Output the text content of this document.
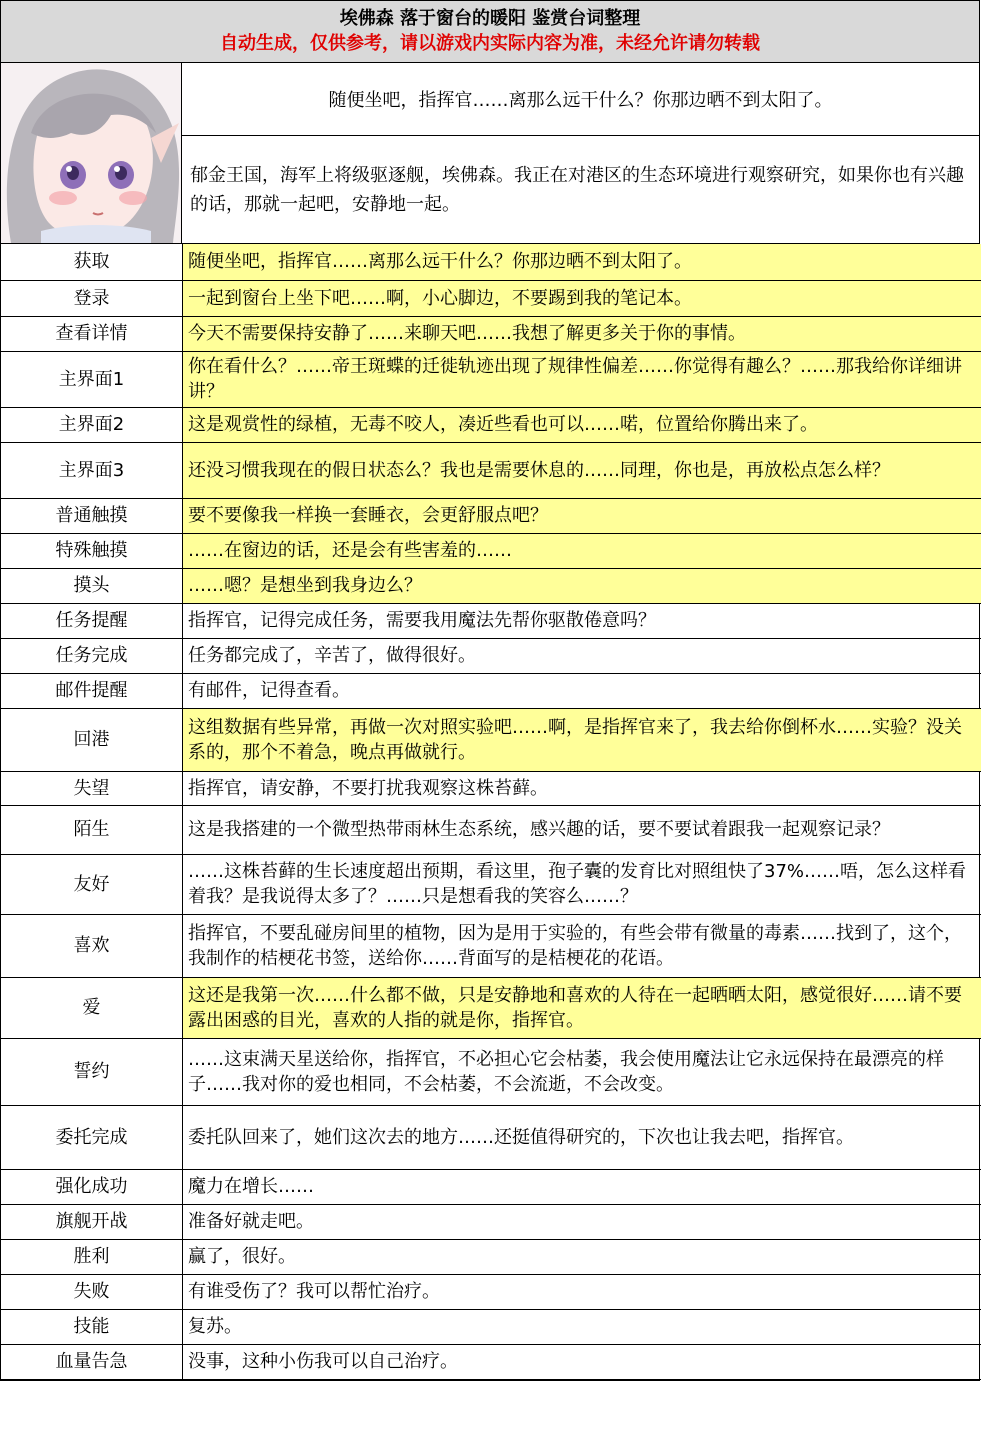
埃佛森 落于窗台的暖阳 鉴赏台词整理
自动生成，仅供参考，请以游戏内实际内容为准，未经允许请勿转载
随便坐吧，指挥官……离那么远干什么？你那边晒不到太阳了。
郁金王国，海军上将级驱逐舰，埃佛森。我正在对港区的生态环境进行观察研究，如果你也有兴趣的话，那就一起吧，安静地一起。
获取	随便坐吧，指挥官……离那么远干什么？你那边晒不到太阳了。
登录	一起到窗台上坐下吧……啊，小心脚边，不要踢到我的笔记本。
查看详情	今天不需要保持安静了……来聊天吧……我想了解更多关于你的事情。
主界面1	你在看什么？……帝王斑蝶的迁徙轨迹出现了规律性偏差……你觉得有趣么？……那我给你详细讲讲？
主界面2	这是观赏性的绿植，无毒不咬人，凑近些看也可以……喏，位置给你腾出来了。
主界面3	还没习惯我现在的假日状态么？我也是需要休息的……同理，你也是，再放松点怎么样？
普通触摸	要不要像我一样换一套睡衣，会更舒服点吧？
特殊触摸	……在窗边的话，还是会有些害羞的……
摸头	……嗯？是想坐到我身边么？
任务提醒	指挥官，记得完成任务，需要我用魔法先帮你驱散倦意吗？
任务完成	任务都完成了，辛苦了，做得很好。
邮件提醒	有邮件，记得查看。
回港	这组数据有些异常，再做一次对照实验吧……啊，是指挥官来了，我去给你倒杯水……实验？没关系的，那个不着急，晚点再做就行。
失望	指挥官，请安静，不要打扰我观察这株苔藓。
陌生	这是我搭建的一个微型热带雨林生态系统，感兴趣的话，要不要试着跟我一起观察记录？
友好	……这株苔藓的生长速度超出预期，看这里，孢子囊的发育比对照组快了37%……唔，怎么这样看着我？是我说得太多了？……只是想看我的笑容么……？
喜欢	指挥官，不要乱碰房间里的植物，因为是用于实验的，有些会带有微量的毒素……找到了，这个，我制作的桔梗花书签，送给你……背面写的是桔梗花的花语。
爱	这还是我第一次……什么都不做，只是安静地和喜欢的人待在一起晒晒太阳，感觉很好……请不要露出困惑的目光，喜欢的人指的就是你，指挥官。
誓约	……这束满天星送给你，指挥官，不必担心它会枯萎，我会使用魔法让它永远保持在最漂亮的样子……我对你的爱也相同，不会枯萎，不会流逝，不会改变。
委托完成	委托队回来了，她们这次去的地方……还挺值得研究的，下次也让我去吧，指挥官。
强化成功	魔力在增长……
旗舰开战	准备好就走吧。
胜利	赢了，很好。
失败	有谁受伤了？我可以帮忙治疗。
技能	复苏。
血量告急	没事，这种小伤我可以自己治疗。
